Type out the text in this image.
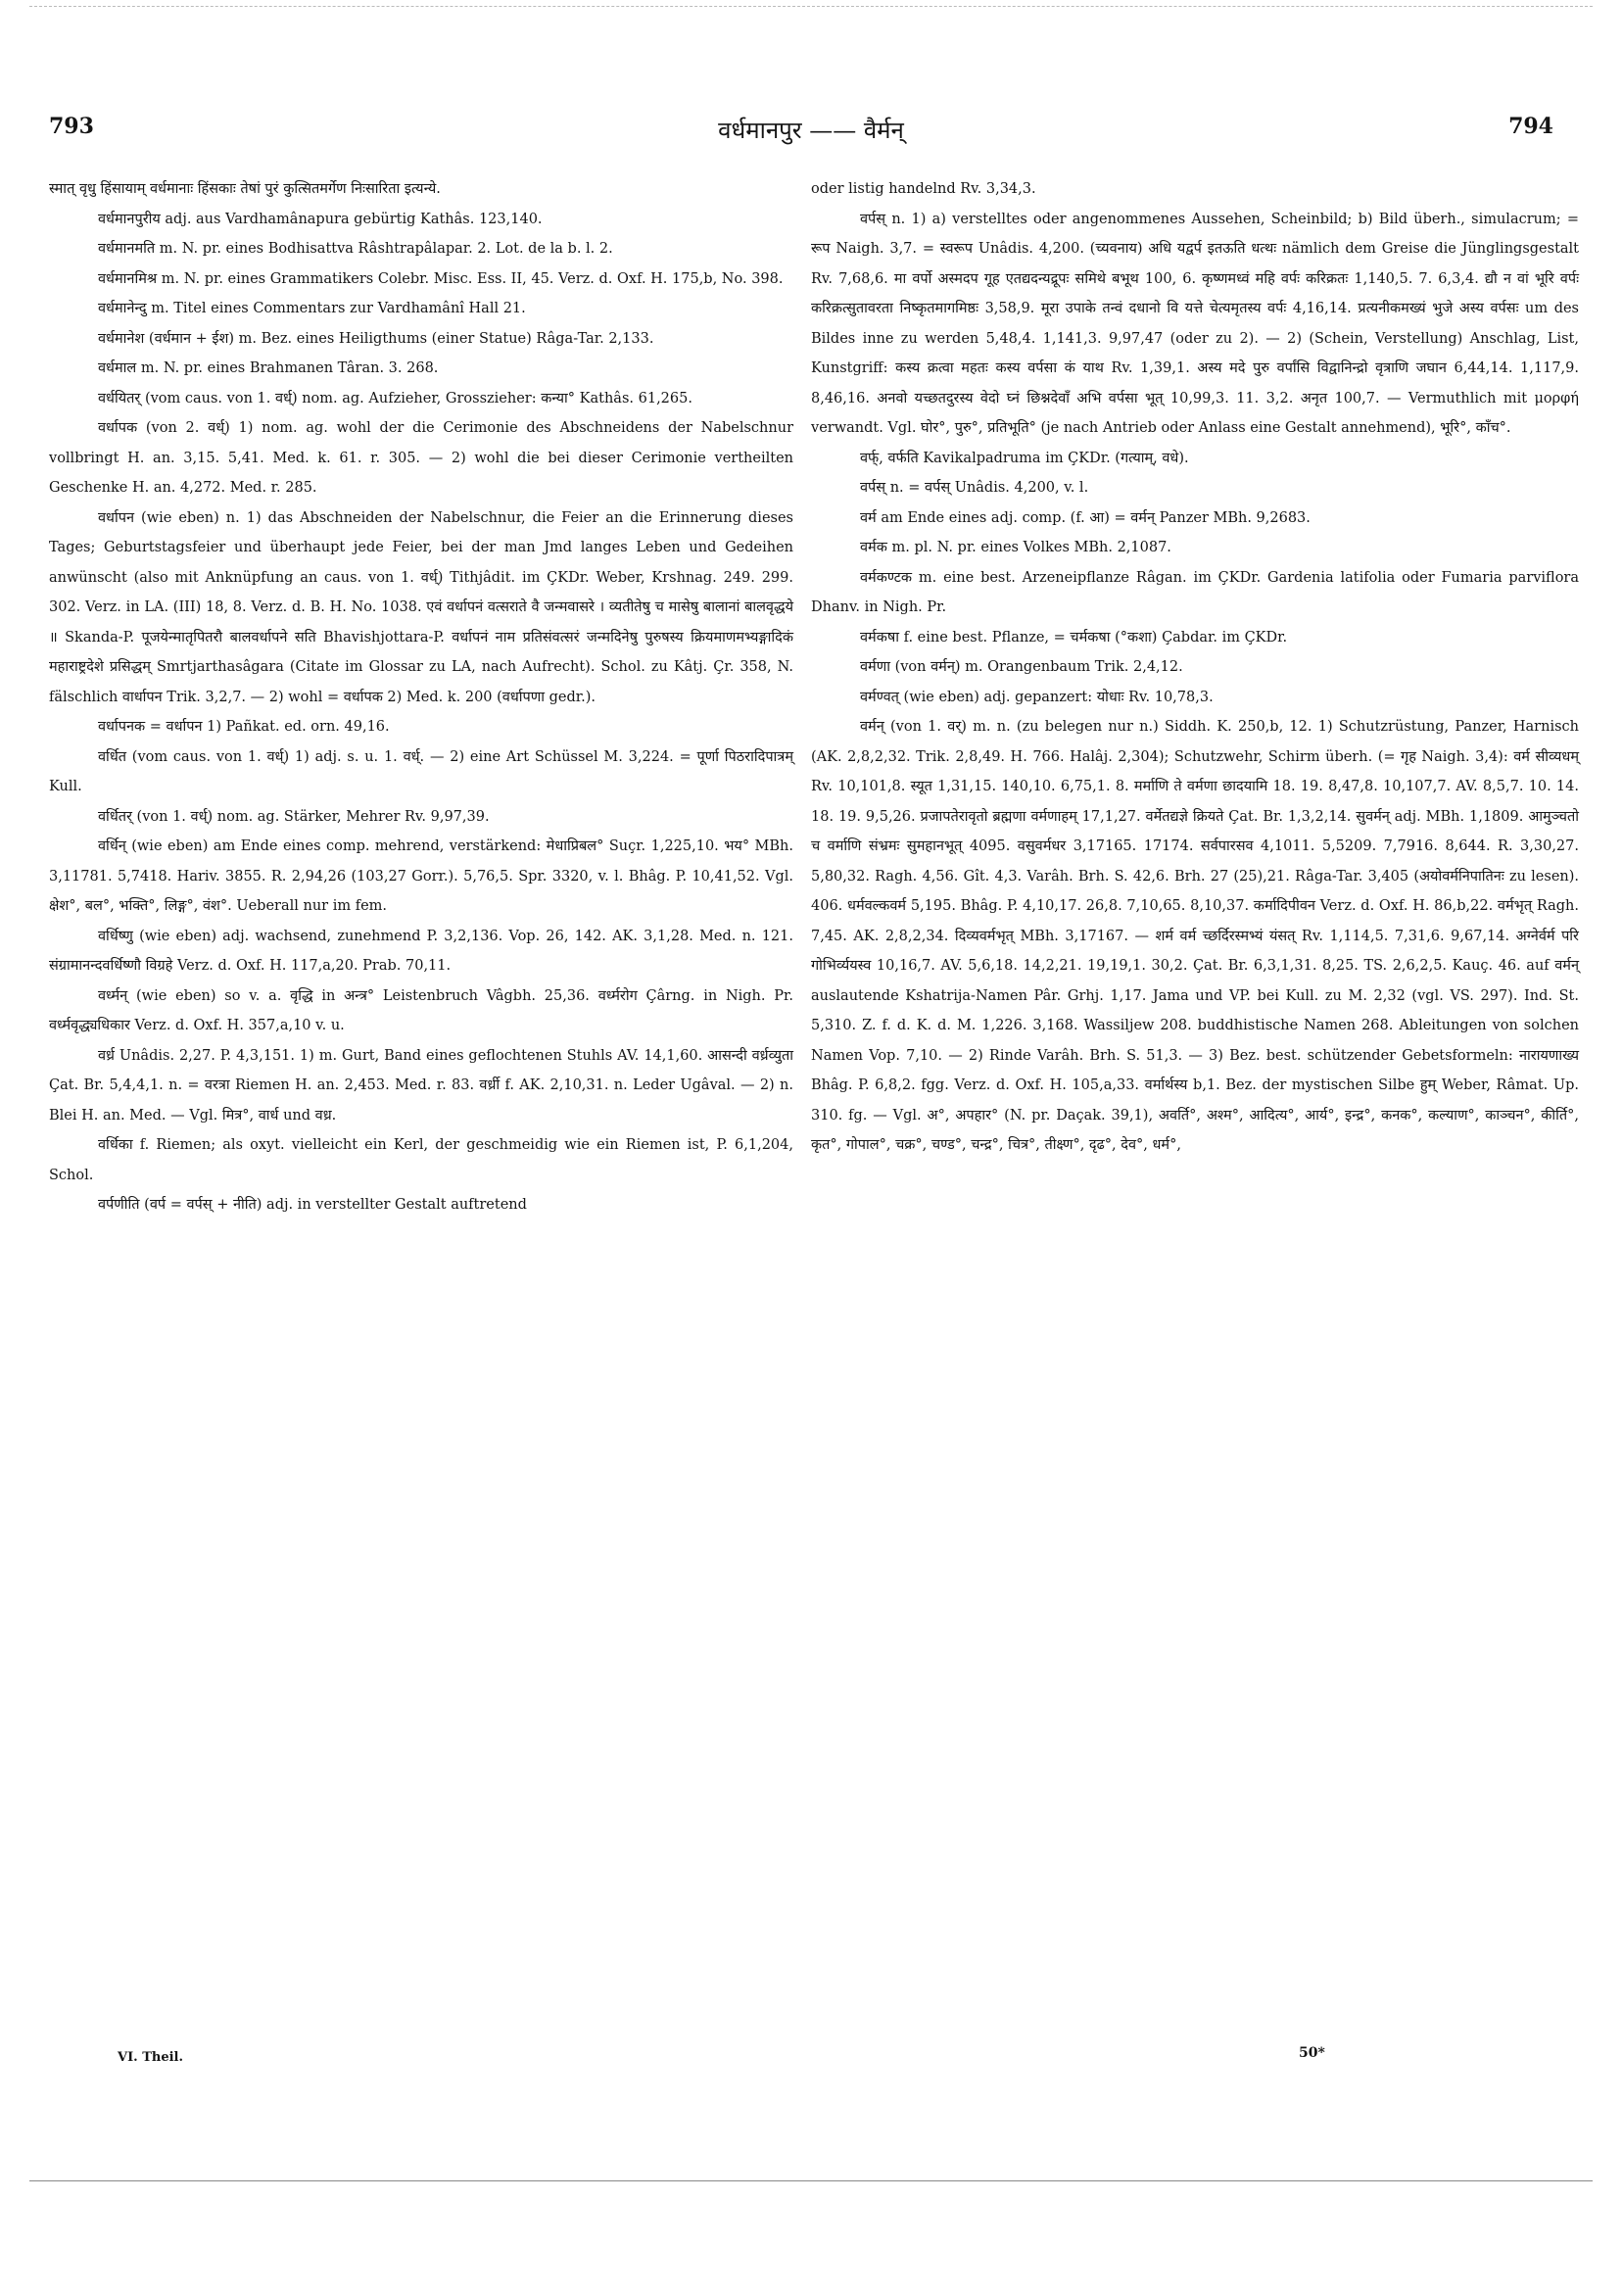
793	वर्धमानपुर —— वैर्मन्	794

स्मात् वृधु हिंसायाम् वर्धमानाः हिंसकाः तेषां पुरं कुत्सितमर्गेण निःसारिता इत्यन्ये.

वर्धमानपुरीय adj. aus Vardhamânapura gebürtig Kathâs. 123,140.

वर्धमानमति m. N. pr. eines Bodhisattva Râshtrapâlapar. 2. Lot. de la b. l. 2.

वर्धमानमिश्र m. N. pr. eines Grammatikers Colebr. Misc. Ess. II, 45. Verz. d. Oxf. H. 175,b, No. 398.

वर्धमानेन्दु m. Titel eines Commentars zur Vardhamânî Hall 21.

वर्धमानेश (वर्धमान + ईश) m. Bez. eines Heiligthums (einer Statue) Râga-Tar. 2,133.

वर्धमाल m. N. pr. eines Brahmanen Târan. 3. 268.

वर्धयितर् (vom caus. von 1. वर्ध्) nom. ag. Aufzieher, Grosszieher: कन्या° Kathâs. 61,265.

वर्धापक (von 2. वर्ध्) 1) nom. ag. wohl der die Cerimonie des Abschneidens der Nabelschnur vollbringt H. an. 3,15. 5,41. Med. k. 61. r. 305. — 2) wohl die bei dieser Cerimonie vertheilten Geschenke H. an. 4,272. Med. r. 285.

वर्धापन (wie eben) n. 1) das Abschneiden der Nabelschnur, die Feier an die Erinnerung dieses Tages; Geburtstagsfeier und überhaupt jede Feier, bei der man Jmd langes Leben und Gedeihen anwünscht (also mit Anknüpfung an caus. von 1. वर्ध्) Tithjâdit. im ÇKDr. Weber, Krshnag. 249. 299. 302. Verz. in LA. (III) 18, 8. Verz. d. B. H. No. 1038. एवं वर्धापनं वत्सराते वै जन्मवासरे । व्यतीतेषु च मासेषु बालानां बालवृद्धये ॥ Skanda-P. पूजयेन्मातृपितरौ बालवर्धापने सति Bhavishjottara-P. वर्धापनं नाम प्रतिसंवत्सरं जन्मदिनेषु पुरुषस्य क्रियमाणमभ्यङ्गादिकं महाराष्ट्रदेशे प्रसिद्धम् Smrtjarthasâgara (Citate im Glossar zu LA, nach Aufrecht). Schol. zu Kâtj. Çr. 358, N. fälschlich वार्धापन Trik. 3,2,7. — 2) wohl = वर्धापक 2) Med. k. 200 (वर्धापणा gedr.).

वर्धापनक = वर्धापन 1) Pañkat. ed. orn. 49,16.

वर्धित (vom caus. von 1. वर्ध्) 1) adj. s. u. 1. वर्ध्. — 2) eine Art Schüssel M. 3,224. = पूर्णा पिठरादिपात्रम् Kull.

वर्धितर् (von 1. वर्ध्) nom. ag. Stärker, Mehrer Rv. 9,97,39.

वर्धिन् (wie eben) am Ende eines comp. mehrend, verstärkend: मेधाप्रिबल° Suçr. 1,225,10. भय° MBh. 3,11781. 5,7418. Hariv. 3855. R. 2,94,26 (103,27 Gorr.). 5,76,5. Spr. 3320, v. l. Bhâg. P. 10,41,52. Vgl. क्षेश°, बल°, भक्ति°, लिङ्ग°, वंश°. Ueberall nur im fem.

वर्धिष्णु (wie eben) adj. wachsend, zunehmend P. 3,2,136. Vop. 26, 142. AK. 3,1,28. Med. n. 121. संग्रामानन्दवर्धिष्णौ विग्रहे Verz. d. Oxf. H. 117,a,20. Prab. 70,11.

वर्ध्मन् (wie eben) so v. a. वृद्धि in अन्त्र° Leistenbruch Vâgbh. 25,36. वर्ध्मरोग Çârng. in Nigh. Pr. वर्ध्मवृद्ध्यधिकार Verz. d. Oxf. H. 357,a,10 v. u.

वर्ध्र Unâdis. 2,27. P. 4,3,151. 1) m. Gurt, Band eines geflochtenen Stuhls AV. 14,1,60. आसन्दी वर्ध्रव्युता Çat. Br. 5,4,4,1. n. = वरत्रा Riemen H. an. 2,453. Med. r. 83. वर्ध्री f. AK. 2,10,31. n. Leder Ugâval. — 2) n. Blei H. an. Med. — Vgl. मित्र°, वार्ध und वध्र.

वर्धिका f. Riemen; als oxyt. vielleicht ein Kerl, der geschmeidig wie ein Riemen ist, P. 6,1,204, Schol.

वर्पणीति (वर्प = वर्पस् + नीति) adj. in verstellter Gestalt auftretend

oder listig handelnd Rv. 3,34,3.

वर्पस् n. 1) a) verstelltes oder angenommenes Aussehen, Scheinbild; b) Bild überh., simulacrum; = रूप Naigh. 3,7. = स्वरूप Unâdis. 4,200. (च्यवनाय) अधि यद्वर्प इतऊति धत्थः nämlich dem Greise die Jünglingsgestalt Rv. 7,68,6. मा वर्पो अस्मदप गूह एतद्यदन्यद्रूपः समिथे बभूथ 100, 6. कृष्णमध्वं महि वर्पः करिक्रतः 1,140,5. 7. 6,3,4. द्यौ न वां भूरि वर्पः करिक्रत्सुतावरता निष्कृतमागमिष्ठः 3,58,9. मूरा उपाके तन्वं दधानो वि यत्ते चेत्यमृतस्य वर्पः 4,16,14. प्रत्यनीकमख्यं भुजे अस्य वर्पसः um des Bildes inne zu werden 5,48,4. 1,141,3. 9,97,47 (oder zu 2). — 2) (Schein, Verstellung) Anschlag, List, Kunstgriff: कस्य क्रत्वा महतः कस्य वर्पसा कं याथ Rv. 1,39,1. अस्य मदे पुरु वर्पांसि विद्वानिन्द्रो वृत्राणि जघान 6,44,14. 1,117,9. 8,46,16. अनवो यच्छतदुरस्य वेदो घ्नं छिश्नदेवाँ अभि वर्पसा भूत् 10,99,3. 11. 3,2. अनृत 100,7. — Vermuthlich mit μορφή verwandt. Vgl. घोर°, पुरु°, प्रतिभूति° (je nach Antrieb oder Anlass eine Gestalt annehmend), भूरि°, काँच°.

वर्फ्, वर्फति Kavikalpadruma im ÇKDr. (गत्याम्, वधे).

वर्पस् n. = वर्पस् Unâdis. 4,200, v. l.

वर्म am Ende eines adj. comp. (f. आ) = वर्मन् Panzer MBh. 9,2683.

वर्मक m. pl. N. pr. eines Volkes MBh. 2,1087.

वर्मकण्टक m. eine best. Arzeneipflanze Râgan. im ÇKDr. Gardenia latifolia oder Fumaria parviflora Dhanv. in Nigh. Pr.

वर्मकषा f. eine best. Pflanze, = चर्मकषा (°कशा) Çabdar. im ÇKDr.

वर्मणा (von वर्मन्) m. Orangenbaum Trik. 2,4,12.

वर्मण्वत् (wie eben) adj. gepanzert: योधाः Rv. 10,78,3.

वर्मन् (von 1. वर्) m. n. (zu belegen nur n.) Siddh. K. 250,b, 12. 1) Schutzrüstung, Panzer, Harnisch (AK. 2,8,2,32. Trik. 2,8,49. H. 766. Halâj. 2,304); Schutzwehr, Schirm überh. (= गृह Naigh. 3,4): वर्म सीव्यधम् Rv. 10,101,8. स्यूत 1,31,15. 140,10. 6,75,1. 8. मर्माणि ते वर्मणा छादयामि 18. 19. 8,47,8. 10,107,7. AV. 8,5,7. 10. 14. 18. 19. 9,5,26. प्रजापतेरावृतो ब्रह्मणा वर्मणाहम् 17,1,27. वर्मेतद्यज्ञे क्रियते Çat. Br. 1,3,2,14. सुवर्मन् adj. MBh. 1,1809. आमुञ्चतो च वर्माणि संभ्रमः सुमहानभूत् 4095. वसुवर्मधर 3,17165. 17174. सर्वपारसव 4,1011. 5,5209. 7,7916. 8,644. R. 3,30,27. 5,80,32. Ragh. 4,56. Gît. 4,3. Varâh. Brh. S. 42,6. Brh. 27 (25),21. Râga-Tar. 3,405 (अयोवर्मनिपातिनः zu lesen). 406. धर्मवल्कवर्म 5,195. Bhâg. P. 4,10,17. 26,8. 7,10,65. 8,10,37. कर्मादिपीवन Verz. d. Oxf. H. 86,b,22. वर्मभृत् Ragh. 7,45. AK. 2,8,2,34. दिव्यवर्मभृत् MBh. 3,17167. — शर्म वर्म च्छर्दिरस्मभ्यं यंसत् Rv. 1,114,5. 7,31,6. 9,67,14. अग्नेर्वर्म परि गोभिर्व्ययस्व 10,16,7. AV. 5,6,18. 14,2,21. 19,19,1. 30,2. Çat. Br. 6,3,1,31. 8,25. TS. 2,6,2,5. Kauç. 46. auf वर्मन् auslautende Kshatrija-Namen Pâr. Grhj. 1,17. Jama und VP. bei Kull. zu M. 2,32 (vgl. VS. 297). Ind. St. 5,310. Z. f. d. K. d. M. 1,226. 3,168. Wassiljew 208. buddhistische Namen 268. Ableitungen von solchen Namen Vop. 7,10. — 2) Rinde Varâh. Brh. S. 51,3. — 3) Bez. best. schützender Gebetsformeln: नारायणाख्य Bhâg. P. 6,8,2. fgg. Verz. d. Oxf. H. 105,a,33. वर्मार्थस्य b,1. Bez. der mystischen Silbe हुम् Weber, Râmat. Up. 310. fg. — Vgl. अ°, अपहार° (N. pr. Daçak. 39,1), अवर्ति°, अश्म°, आदित्य°, आर्य°, इन्द्र°, कनक°, कल्याण°, काञ्चन°, कीर्ति°, कृत°, गोपाल°, चक्र°, चण्ड°, चन्द्र°, चित्र°, तीक्ष्ण°, दृढ°, देव°, धर्म°,

VI. Theil.	50*
